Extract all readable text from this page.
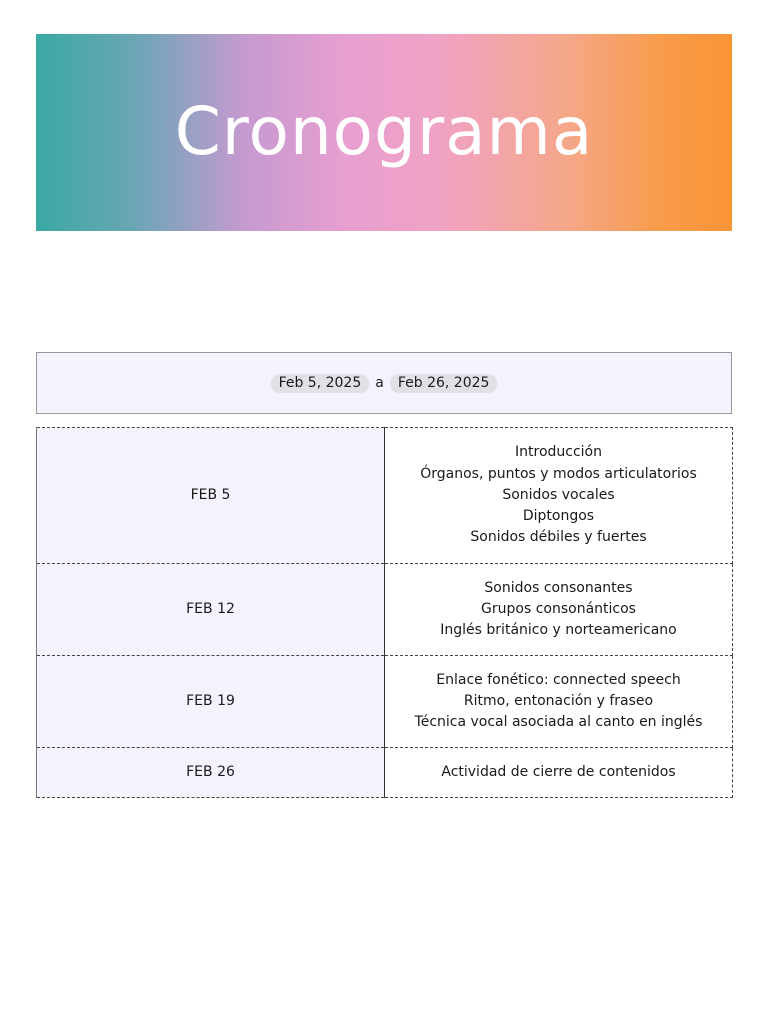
Cronograma
Feb 5, 2025	a	Feb 26, 2025
FEB 5	Introducción
Órganos, puntos y modos articulatorios
Sonidos vocales
Diptongos
Sonidos débiles y fuertes

FEB 12	Sonidos consonantes
Grupos consonánticos
Inglés británico y norteamericano

FEB 19	Enlace fonético: connected speech
Ritmo, entonación y fraseo
Técnica vocal asociada al canto en inglés

FEB 26	Actividad de cierre de contenidos
